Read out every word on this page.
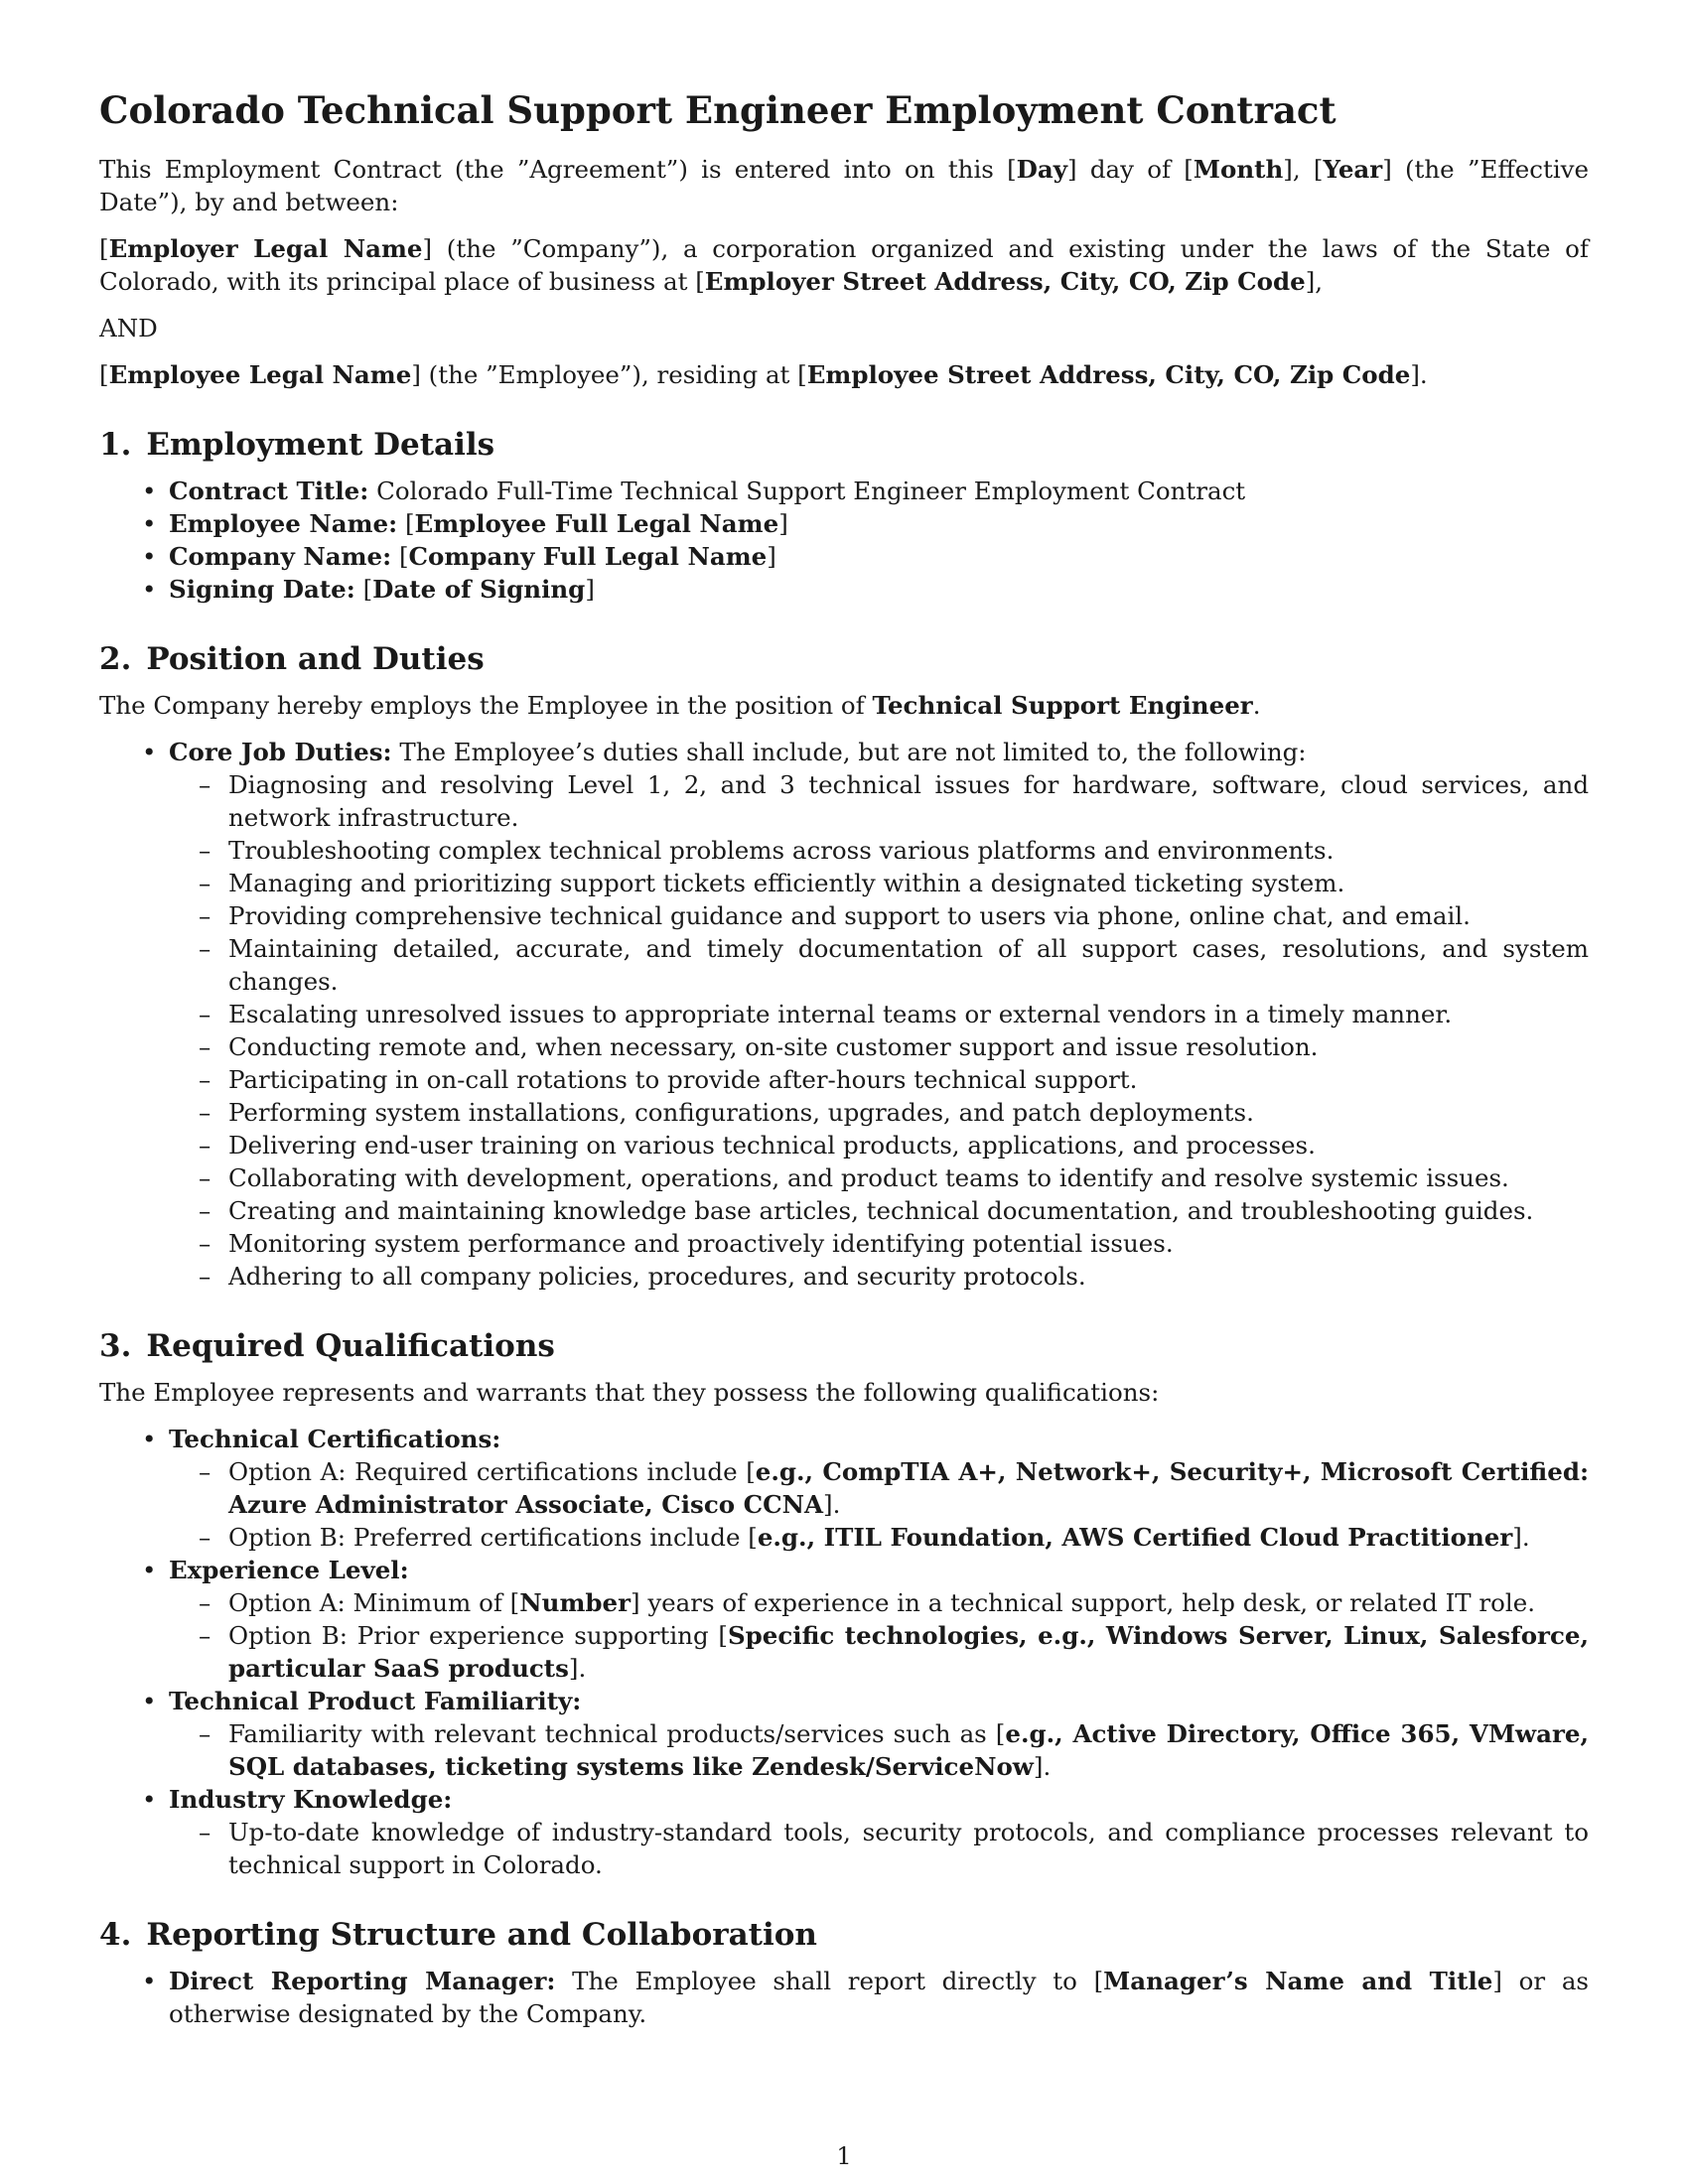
Colorado Technical Support Engineer Employment Contract

This Employment Contract (the ”Agreement”) is entered into on this [Day] day of [Month], [Year] (the ”Effective Date”), by and between:

[Employer Legal Name] (the ”Company”), a corporation organized and existing under the laws of the State of Colorado, with its principal place of business at [Employer Street Address, City, CO, Zip Code],

AND

[Employee Legal Name] (the ”Employee”), residing at [Employee Street Address, City, CO, Zip Code].

1. Employment Details
• Contract Title: Colorado Full-Time Technical Support Engineer Employment Contract
• Employee Name: [Employee Full Legal Name]
• Company Name: [Company Full Legal Name]
• Signing Date: [Date of Signing]
2. Position and Duties

The Company hereby employs the Employee in the position of Technical Support Engineer.

• Core Job Duties: The Employee’s duties shall include, but are not limited to, the following:
– Diagnosing and resolving Level 1, 2, and 3 technical issues for hardware, software, cloud services, and network infrastructure.
– Troubleshooting complex technical problems across various platforms and environments.
– Managing and prioritizing support tickets efficiently within a designated ticketing system.
– Providing comprehensive technical guidance and support to users via phone, online chat, and email.
– Maintaining detailed, accurate, and timely documentation of all support cases, resolutions, and system changes.
– Escalating unresolved issues to appropriate internal teams or external vendors in a timely manner.
– Conducting remote and, when necessary, on-site customer support and issue resolution.
– Participating in on-call rotations to provide after-hours technical support.
– Performing system installations, configurations, upgrades, and patch deployments.
– Delivering end-user training on various technical products, applications, and processes.
– Collaborating with development, operations, and product teams to identify and resolve systemic issues.
– Creating and maintaining knowledge base articles, technical documentation, and troubleshooting guides.
– Monitoring system performance and proactively identifying potential issues.
– Adhering to all company policies, procedures, and security protocols.
3. Required Qualifications

The Employee represents and warrants that they possess the following qualifications:

• Technical Certifications:
– Option A: Required certifications include [e.g., CompTIA A+, Network+, Security+, Microsoft Certified: Azure Administrator Associate, Cisco CCNA].
– Option B: Preferred certifications include [e.g., ITIL Foundation, AWS Certified Cloud Practitioner].
• Experience Level:
– Option A: Minimum of [Number] years of experience in a technical support, help desk, or related IT role.
– Option B: Prior experience supporting [Specific technologies, e.g., Windows Server, Linux, Salesforce, particular SaaS products].
• Technical Product Familiarity:
– Familiarity with relevant technical products/services such as [e.g., Active Directory, Office 365, VMware, SQL databases, ticketing systems like Zendesk/ServiceNow].
• Industry Knowledge:
– Up-to-date knowledge of industry-standard tools, security protocols, and compliance processes relevant to technical support in Colorado.
4. Reporting Structure and Collaboration
• Direct Reporting Manager: The Employee shall report directly to [Manager’s Name and Title] or as otherwise designated by the Company.
1
